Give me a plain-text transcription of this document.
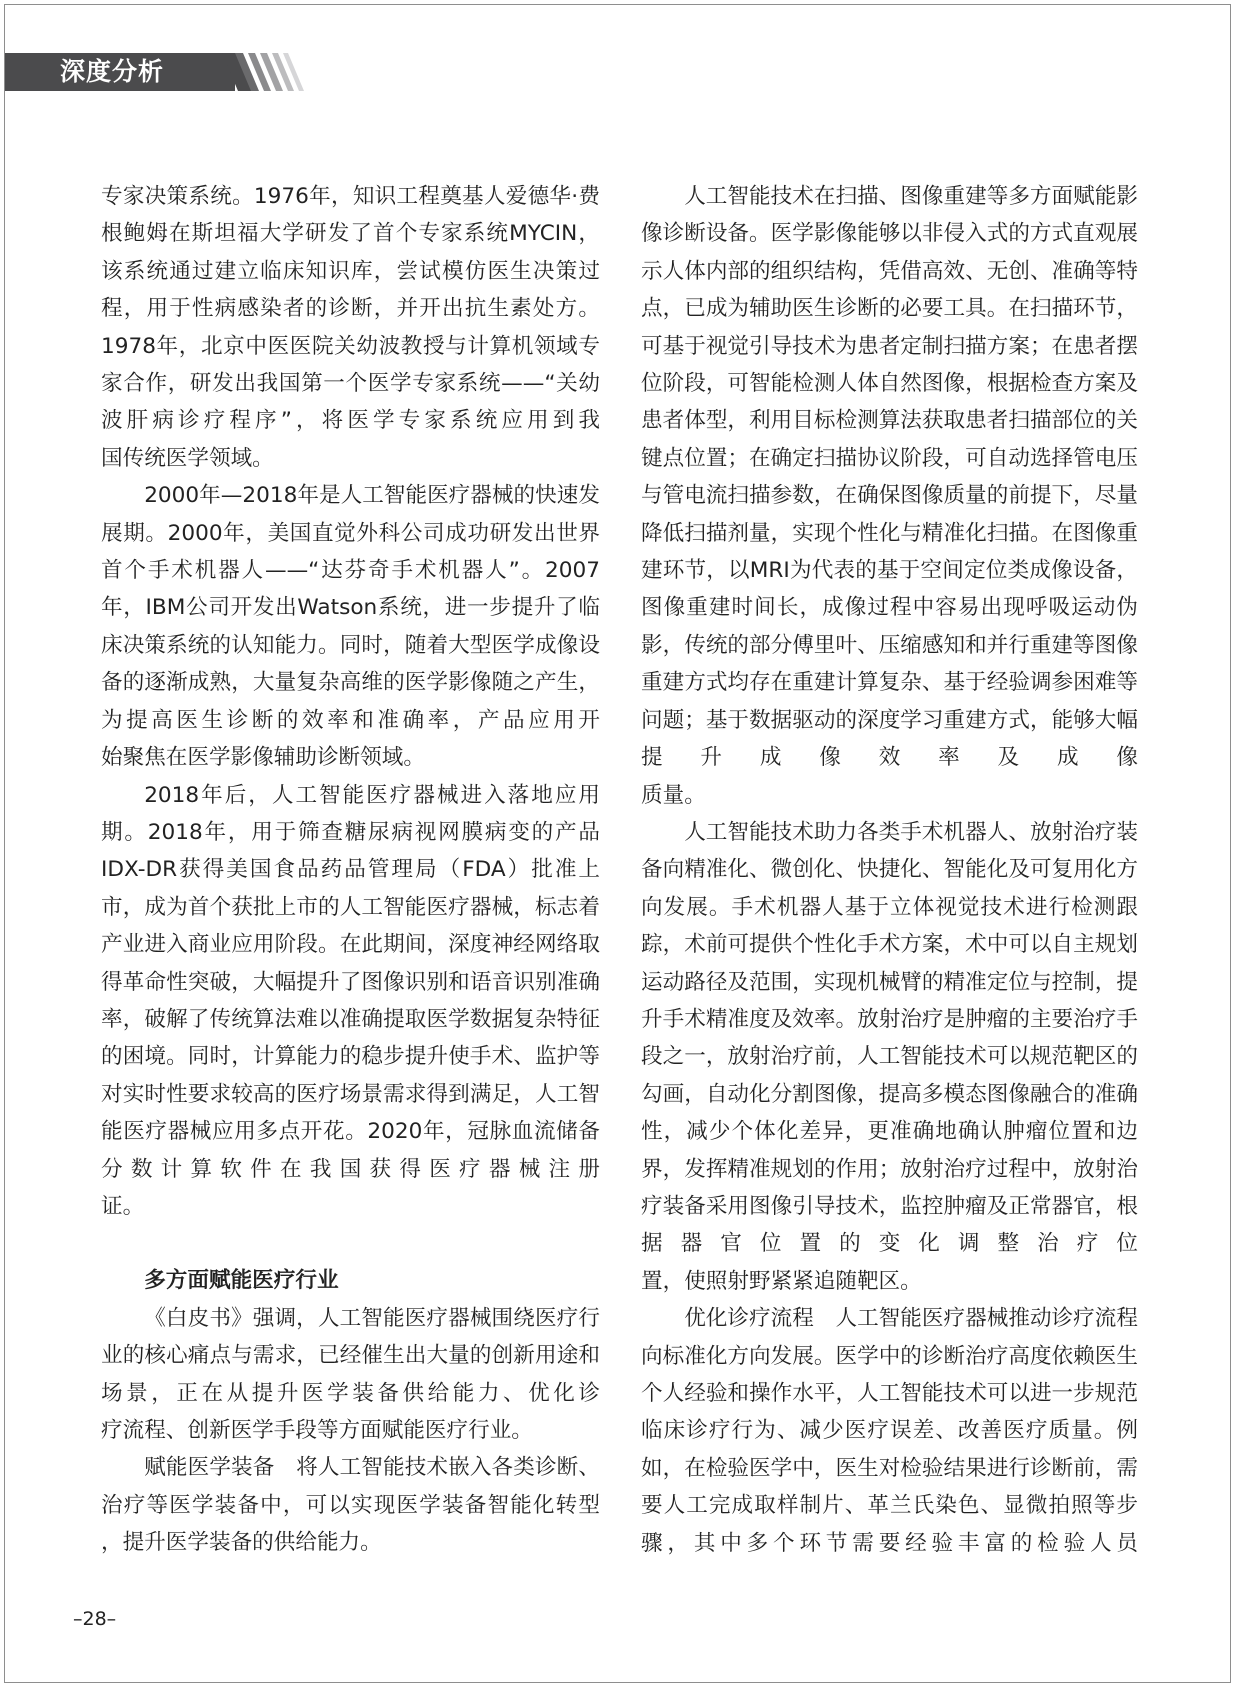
深度分析

专家决策系统。1976年，知识工程奠基人爱德华·费根鲍姆在斯坦福大学研发了首个专家系统MYCIN，该系统通过建立临床知识库，尝试模仿医生决策过程，用于性病感染者的诊断，并开出抗生素处方。1978年，北京中医医院关幼波教授与计算机领域专家合作，研发出我国第一个医学专家系统——“关幼波肝病诊疗程序”，将医学专家系统应用到我

国传统医学领域。

2000年—2018年是人工智能医疗器械的快速发展期。2000年，美国直觉外科公司成功研发出世界首个手术机器人——“达芬奇手术机器人”。2007年，IBM公司开发出Watson系统，进一步提升了临床决策系统的认知能力。同时，随着大型医学成像设备的逐渐成熟，大量复杂高维的医学影像随之产生，为提高医生诊断的效率和准确率，产品应用开

始聚焦在医学影像辅助诊断领域。

2018年后，人工智能医疗器械进入落地应用期。2018年，用于筛查糖尿病视网膜病变的产品IDX-DR获得美国食品药品管理局（FDA）批准上市，成为首个获批上市的人工智能医疗器械，标志着产业进入商业应用阶段。在此期间，深度神经网络取得革命性突破，大幅提升了图像识别和语音识别准确率，破解了传统算法难以准确提取医学数据复杂特征的困境。同时，计算能力的稳步提升使手术、监护等对实时性要求较高的医疗场景需求得到满足，人工智能医疗器械应用多点开花。2020年，冠脉血流储备分数计算软件在我国获得医疗器械注册

证。

多方面赋能医疗行业

《白皮书》强调，人工智能医疗器械围绕医疗行业的核心痛点与需求，已经催生出大量的创新用途和场景，正在从提升医学装备供给能力、优化诊

疗流程、创新医学手段等方面赋能医疗行业。

赋能医学装备　将人工智能技术嵌入各类诊断、治疗等医学装备中，可以实现医学装备智能化转型

，提升医学装备的供给能力。

人工智能技术在扫描、图像重建等多方面赋能影像诊断设备。医学影像能够以非侵入式的方式直观展示人体内部的组织结构，凭借高效、无创、准确等特点，已成为辅助医生诊断的必要工具。在扫描环节，可基于视觉引导技术为患者定制扫描方案；在患者摆位阶段，可智能检测人体自然图像，根据检查方案及患者体型，利用目标检测算法获取患者扫描部位的关键点位置；在确定扫描协议阶段，可自动选择管电压与管电流扫描参数，在确保图像质量的前提下，尽量降低扫描剂量，实现个性化与精准化扫描。在图像重建环节，以MRI为代表的基于空间定位类成像设备，图像重建时间长，成像过程中容易出现呼吸运动伪影，传统的部分傅里叶、压缩感知和并行重建等图像重建方式均存在重建计算复杂、基于经验调参困难等问题；基于数据驱动的深度学习重建方式，能够大幅提升成像效率及成像

质量。

人工智能技术助力各类手术机器人、放射治疗装备向精准化、微创化、快捷化、智能化及可复用化方向发展。手术机器人基于立体视觉技术进行检测跟踪，术前可提供个性化手术方案，术中可以自主规划运动路径及范围，实现机械臂的精准定位与控制，提升手术精准度及效率。放射治疗是肿瘤的主要治疗手段之一，放射治疗前，人工智能技术可以规范靶区的勾画，自动化分割图像，提高多模态图像融合的准确性，减少个体化差异，更准确地确认肿瘤位置和边界，发挥精准规划的作用；放射治疗过程中，放射治疗装备采用图像引导技术，监控肿瘤及正常器官，根据器官位置的变化调整治疗位

置，使照射野紧紧追随靶区。

优化诊疗流程　人工智能医疗器械推动诊疗流程向标准化方向发展。医学中的诊断治疗高度依赖医生个人经验和操作水平，人工智能技术可以进一步规范临床诊疗行为、减少医疗误差、改善医疗质量。例如，在检验医学中，医生对检验结果进行诊断前，需要人工完成取样制片、革兰氏染色、显微拍照等步骤，其中多个环节需要经验丰富的检验人员

–28–
